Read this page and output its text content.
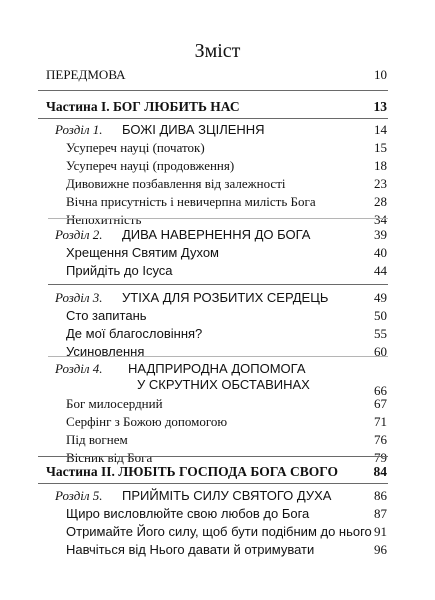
Зміст
ПЕРЕДМОВА	10
Частина І. БОГ ЛЮБИТЬ НАС	13
Розділ 1. БОЖІ ДИВА ЗЦІЛЕННЯ	14
Усупереч науці (початок)	15
Усупереч науці (продовження)	18
Дивовижне позбавлення від залежності	23
Вічна присутність і невичерпна милість Бога	28
Непохитність	34
Розділ 2. ДИВА НАВЕРНЕННЯ ДО БОГА	39
Хрещення Святим Духом	40
Прийдіть до Ісуса	44
Розділ 3. УТІХА ДЛЯ РОЗБИТИХ СЕРДЕЦЬ	49
Сто запитань	50
Де мої благословіння?	55
Усиновлення	60
Розділ 4. НАДПРИРОДНА ДОПОМОГА
У СКРУТНИХ ОБСТАВИНАХ	66
Бог милосердний	67
Серфінг з Божою допомогою	71
Під вогнем	76
Вісник від Бога	79
Частина ІІ. ЛЮБІТЬ ГОСПОДА БОГА СВОГО	84
Розділ 5. ПРИЙМІТЬ СИЛУ СВЯТОГО ДУХА	86
Щиро висловлюйте свою любов до Бога	87
Отримайте Його силу, щоб бути подібним до нього 91
Навчіться від Нього давати й отримувати	96
